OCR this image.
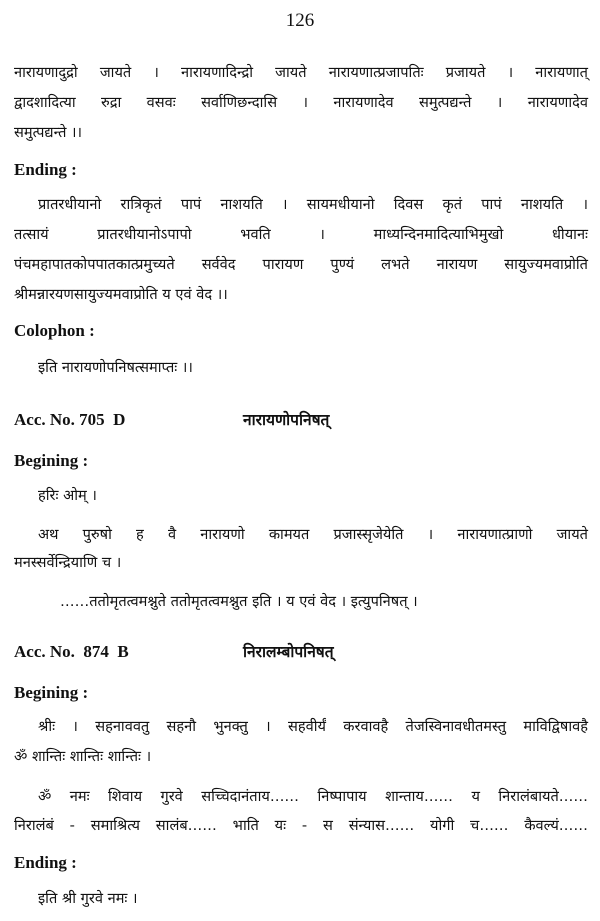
126
नारायणादुद्रो जायते । नारायणादिन्द्रो जायते नारायणात्प्रजापतिः प्रजायते । नारायणात्
द्वादशादित्या रुद्रा वसवः सर्वाणिछन्दासि । नारायणादेव समुत्पद्यन्ते । नारायणादेव
समुत्पद्यन्ते ।।
Ending :
प्रातरधीयानो रात्रिकृतं पापं नाशयति । सायमधीयानो दिवस कृतं पापं नाशयति ।
तत्सायं प्रातरधीयानोऽपापो भवति । माध्यन्दिनमादित्याभिमुखो धीयानः
पंचमहापातकोपपातकात्प्रमुच्यते सर्ववेद पारायण पुण्यं लभते नारायण सायुज्यमवाप्रोति
श्रीमन्नारयणसायुज्यमवाप्रोति य एवं वेद ।।
Colophon :
इति नारायणोपनिषत्समाप्तः ।।
Acc. No. 705 D	नारायणोपनिषत्
Begining :
हरिः ओम् ।
अथ पुरुषो ह वै नारायणो कामयत प्रजास्सृजेयेति । नारायणात्प्राणो जायते
मनस्सर्वेन्द्रियाणि च ।
……ततोमृतत्वमश्नुते ततोमृतत्वमश्नुत इति । य एवं वेद । इत्युपनिषत् ।
Acc. No.  874 B	निरालम्बोपनिषत्
Begining :
श्रीः । सहनाववतु सहनौ भुनक्तु । सहवीर्यं करवावहै तेजस्विनावधीतमस्तु माविद्विषावहै
ॐ शान्तिः शान्तिः शान्तिः ।
ॐ नमः शिवाय गुरवे सच्चिदानंताय…… निष्पापाय शान्ताय…… य निरालंबायते……
निरालंबं - समाश्रित्य सालंब…… भाति यः - स संन्यास…… योगी च…… कैवल्यं……
Ending :
इति श्री गुरवे नमः ।
